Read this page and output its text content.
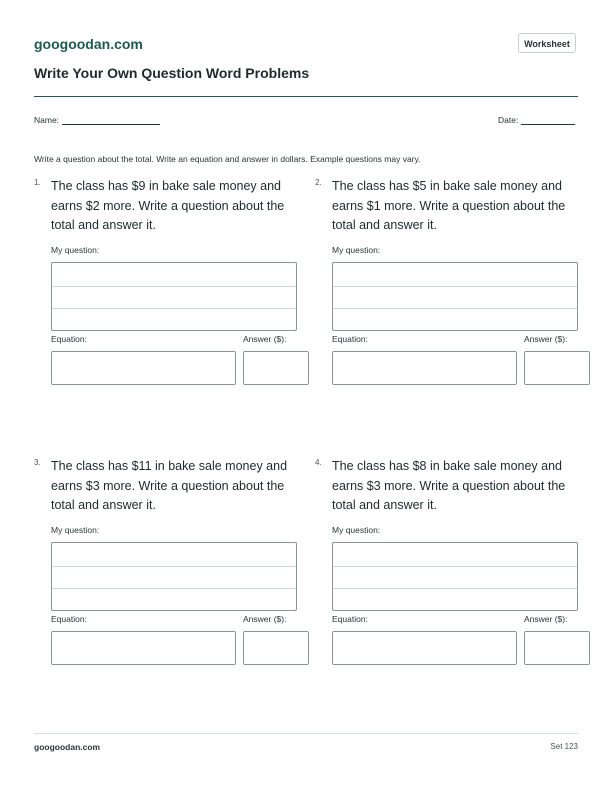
googoodan.com	Worksheet
Write Your Own Question Word Problems
Name:	Date:
Write a question about the total. Write an equation and answer in dollars. Example questions may vary.
1. The class has $9 in bake sale money and earns $2 more. Write a question about the total and answer it.
My question:
Equation:	Answer ($):
2. The class has $5 in bake sale money and earns $1 more. Write a question about the total and answer it.
My question:
Equation:	Answer ($):
3. The class has $11 in bake sale money and earns $3 more. Write a question about the total and answer it.
My question:
Equation:	Answer ($):
4. The class has $8 in bake sale money and earns $3 more. Write a question about the total and answer it.
My question:
Equation:	Answer ($):
googoodan.com	Set 123
